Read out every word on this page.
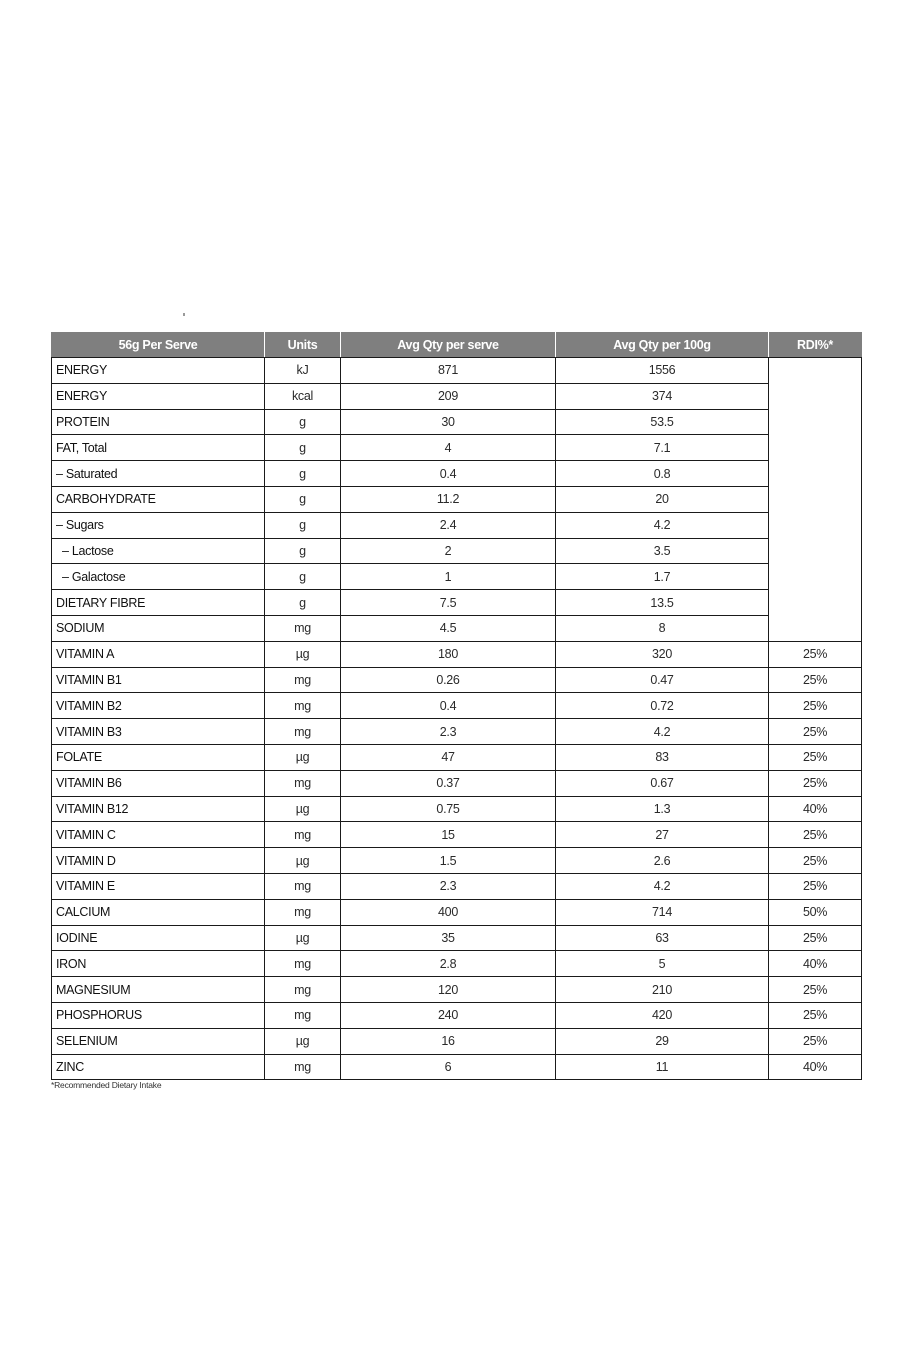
56g Per Serve	Units	Avg Qty per serve	Avg Qty per 100g	RDI%*
ENERGY	kJ	871	1556	
ENERGY	kcal	209	374	
PROTEIN	g	30	53.5	
FAT, Total	g	4	7.1	
– Saturated	g	0.4	0.8	
CARBOHYDRATE	g	11.2	20	
– Sugars	g	2.4	4.2	
– Lactose	g	2	3.5	
– Galactose	g	1	1.7	
DIETARY FIBRE	g	7.5	13.5	
SODIUM	mg	4.5	8	
VITAMIN A	µg	180	320	25%
VITAMIN B1	mg	0.26	0.47	25%
VITAMIN B2	mg	0.4	0.72	25%
VITAMIN B3	mg	2.3	4.2	25%
FOLATE	µg	47	83	25%
VITAMIN B6	mg	0.37	0.67	25%
VITAMIN B12	µg	0.75	1.3	40%
VITAMIN C	mg	15	27	25%
VITAMIN D	µg	1.5	2.6	25%
VITAMIN E	mg	2.3	4.2	25%
CALCIUM	mg	400	714	50%
IODINE	µg	35	63	25%
IRON	mg	2.8	5	40%
MAGNESIUM	mg	120	210	25%
PHOSPHORUS	mg	240	420	25%
SELENIUM	µg	16	29	25%
ZINC	mg	6	11	40%
*Recommended Dietary Intake
